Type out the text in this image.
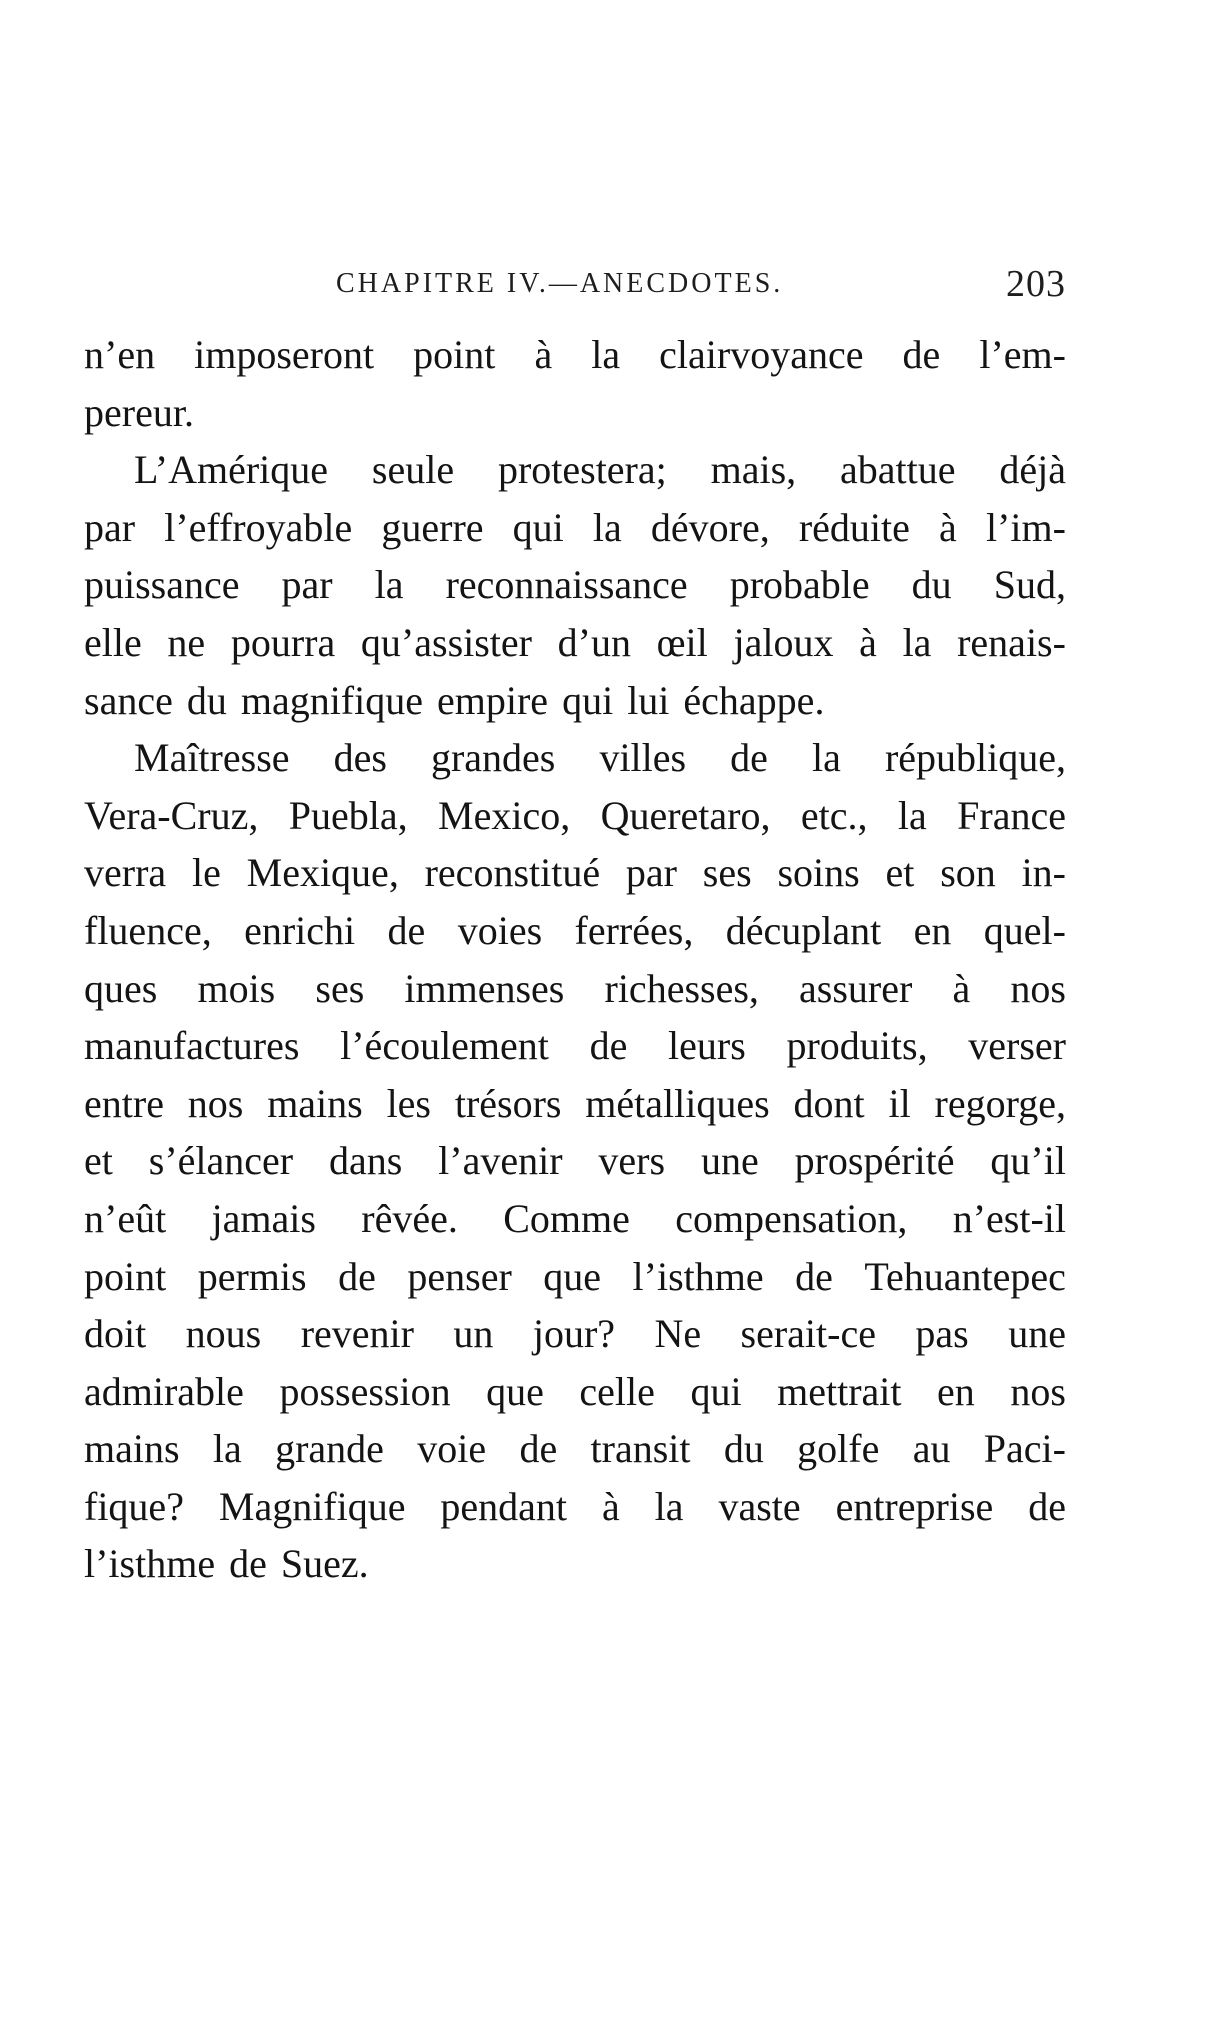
CHAPITRE IV.—ANECDOTES.	203
n’en imposeront point à la clairvoyance de l’em-
pereur.
L’Amérique seule protestera; mais, abattue déjà
par l’effroyable guerre qui la dévore, réduite à l’im-
puissance par la reconnaissance probable du Sud,
elle ne pourra qu’assister d’un œil jaloux à la renais-
sance du magnifique empire qui lui échappe.
Maîtresse des grandes villes de la république,
Vera-Cruz, Puebla, Mexico, Queretaro, etc., la France
verra le Mexique, reconstitué par ses soins et son in-
fluence, enrichi de voies ferrées, décuplant en quel-
ques mois ses immenses richesses, assurer à nos
manufactures l’écoulement de leurs produits, verser
entre nos mains les trésors métalliques dont il regorge,
et s’élancer dans l’avenir vers une prospérité qu’il
n’eût jamais rêvée. Comme compensation, n’est-il
point permis de penser que l’isthme de Tehuantepec
doit nous revenir un jour? Ne serait-ce pas une
admirable possession que celle qui mettrait en nos
mains la grande voie de transit du golfe au Paci-
fique? Magnifique pendant à la vaste entreprise de
l’isthme de Suez.
